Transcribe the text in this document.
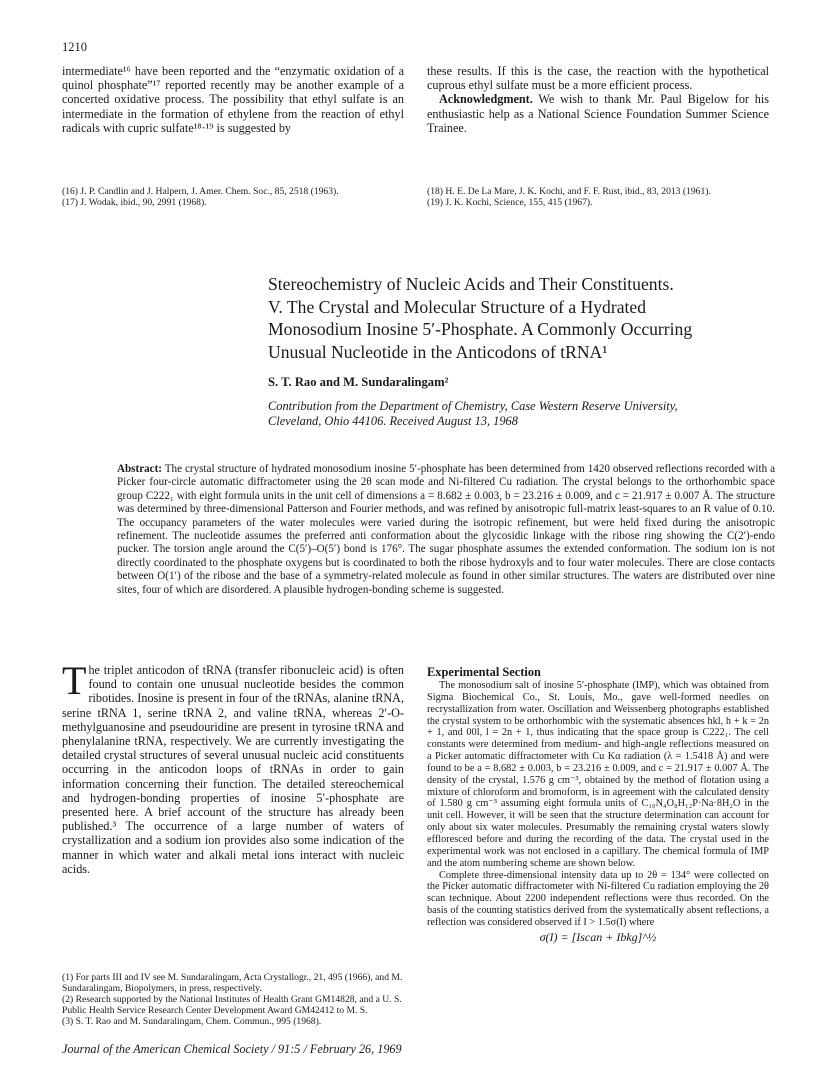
1210

intermediate¹⁶ have been reported and the “enzymatic oxidation of a quinol phosphate”¹⁷ reported recently may be another example of a concerted oxidative process. The possibility that ethyl sulfate is an intermediate in the formation of ethylene from the reaction of ethyl radicals with cupric sulfate¹⁸·¹⁹ is suggested by

these results. If this is the case, the reaction with the hypothetical cuprous ethyl sulfate must be a more efficient process.

Acknowledgment. We wish to thank Mr. Paul Bigelow for his enthusiastic help as a National Science Foundation Summer Science Trainee.

(16) J. P. Candlin and J. Halpern, J. Amer. Chem. Soc., 85, 2518 (1963).

(17) J. Wodak, ibid., 90, 2991 (1968).

(18) H. E. De La Mare, J. K. Kochi, and F. F. Rust, ibid., 83, 2013 (1961).

(19) J. K. Kochi, Science, 155, 415 (1967).

Stereochemistry of Nucleic Acids and Their Constituents.
V. The Crystal and Molecular Structure of a Hydrated
Monosodium Inosine 5′-Phosphate. A Commonly Occurring
Unusual Nucleotide in the Anticodons of tRNA¹
S. T. Rao and M. Sundaralingam²
Contribution from the Department of Chemistry, Case Western Reserve University,
Cleveland, Ohio 44106. Received August 13, 1968
Abstract: The crystal structure of hydrated monosodium inosine 5′-phosphate has been determined from 1420 observed reflections recorded with a Picker four-circle automatic diffractometer using the 2θ scan mode and Ni-filtered Cu radiation. The crystal belongs to the orthorhombic space group C222₁ with eight formula units in the unit cell of dimensions a = 8.682 ± 0.003, b = 23.216 ± 0.009, and c = 21.917 ± 0.007 Å. The structure was determined by three-dimensional Patterson and Fourier methods, and was refined by anisotropic full-matrix least-squares to an R value of 0.10. The occupancy parameters of the water molecules were varied during the isotropic refinement, but were held fixed during the anisotropic refinement. The nucleotide assumes the preferred anti conformation about the glycosidic linkage with the ribose ring showing the C(2′)-endo pucker. The torsion angle around the C(5′)–O(5′) bond is 176°. The sugar phosphate assumes the extended conformation. The sodium ion is not directly coordinated to the phosphate oxygens but is coordinated to both the ribose hydroxyls and to four water molecules. There are close contacts between O(1′) of the ribose and the base of a symmetry-related molecule as found in other similar structures. The waters are distributed over nine sites, four of which are disordered. A plausible hydrogen-bonding scheme is suggested.

The triplet anticodon of tRNA (transfer ribonucleic acid) is often found to contain one unusual nucleotide besides the common ribotides. Inosine is present in four of the tRNAs, alanine tRNA, serine tRNA 1, serine tRNA 2, and valine tRNA, whereas 2′-O-methylguanosine and pseudouridine are present in tyrosine tRNA and phenylalanine tRNA, respectively. We are currently investigating the detailed crystal structures of several unusual nucleic acid constituents occurring in the anticodon loops of tRNAs in order to gain information concerning their function. The detailed stereochemical and hydrogen-bonding properties of inosine 5′-phosphate are presented here. A brief account of the structure has already been published.³ The occurrence of a large number of waters of crystallization and a sodium ion provides also some indication of the manner in which water and alkali metal ions interact with nucleic acids.

(1) For parts III and IV see M. Sundaralingam, Acta Crystallogr., 21, 495 (1966), and M. Sundaralingam, Biopolymers, in press, respectively.

(2) Research supported by the National Institutes of Health Grant GM14828, and a U. S. Public Health Service Research Center Development Award GM42412 to M. S.

(3) S. T. Rao and M. Sundaralingam, Chem. Commun., 995 (1968).

Experimental Section

The monosodium salt of inosine 5′-phosphate (IMP), which was obtained from Sigma Biochemical Co., St. Louis, Mo., gave well-formed needles on recrystallization from water. Oscillation and Weissenberg photographs established the crystal system to be orthorhombic with the systematic absences hkl, h + k = 2n + 1, and 00l, l = 2n + 1, thus indicating that the space group is C222₁. The cell constants were determined from medium- and high-angle reflections measured on a Picker automatic diffractometer with Cu Kα radiation (λ = 1.5418 Å) and were found to be a = 8.682 ± 0.003, b = 23.216 ± 0.009, and c = 21.917 ± 0.007 Å. The density of the crystal, 1.576 g cm⁻³, obtained by the method of flotation using a mixture of chloroform and bromoform, is in agreement with the calculated density of 1.580 g cm⁻³ assuming eight formula units of C₁₀N₄O₈H₁₂P·Na·8H₂O in the unit cell. However, it will be seen that the structure determination can account for only about six water molecules. Presumably the remaining crystal waters slowly effloresced before and during the recording of the data. The crystal used in the experimental work was not enclosed in a capillary. The chemical formula of IMP and the atom numbering scheme are shown below.

Complete three-dimensional intensity data up to 2θ = 134° were collected on the Picker automatic diffractometer with Ni-filtered Cu radiation employing the 2θ scan technique. About 2200 independent reflections were thus recorded. On the basis of the counting statistics derived from the systematically absent reflections, a reflection was considered observed if I > 1.5σ(I) where

σ(I) = [Iscan + Ibkg]^½
Journal of the American Chemical Society / 91:5 / February 26, 1969
